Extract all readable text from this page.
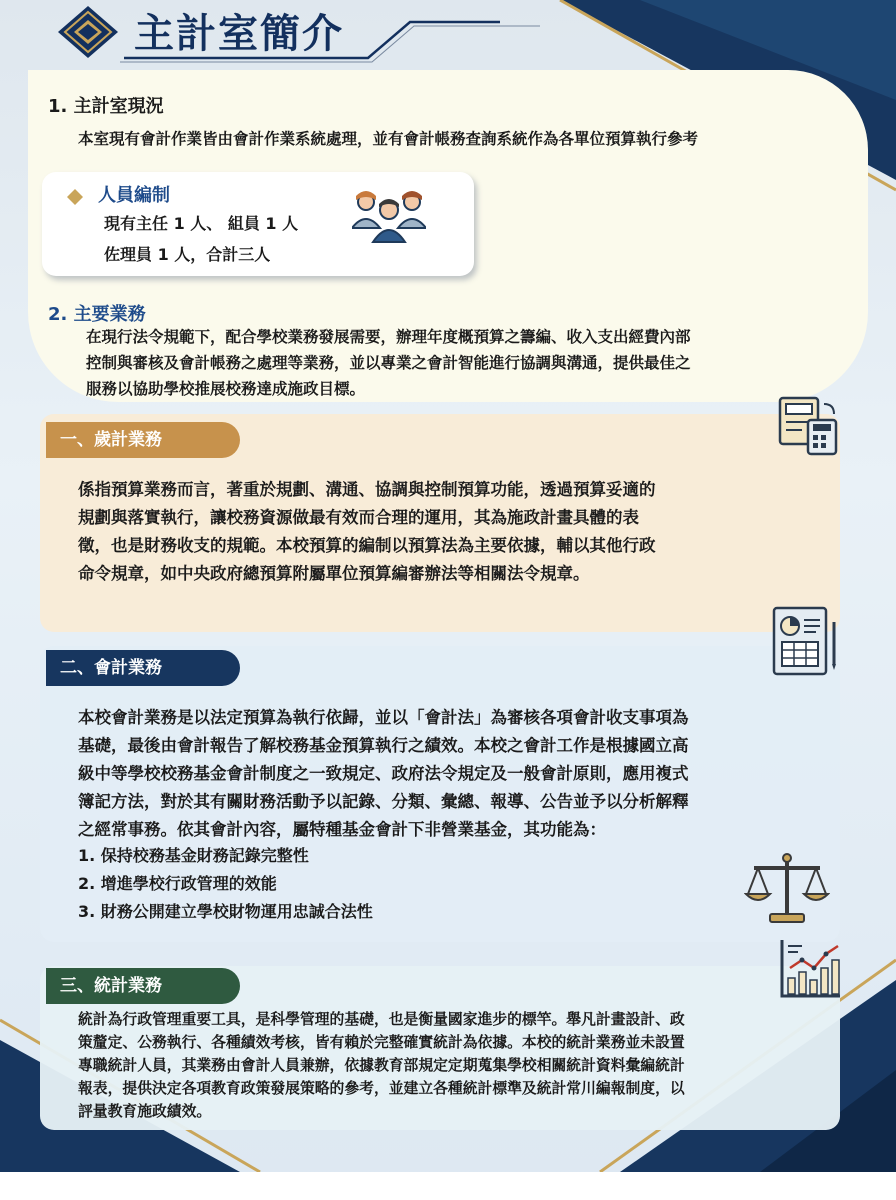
主計室簡介
1. 主計室現況
本室現有會計作業皆由會計作業系統處理，並有會計帳務查詢系統作為各單位預算執行參考
人員編制
現有主任 1 人、 組員 1 人
佐理員 1 人，合計三人
2. 主要業務
在現行法令規範下，配合學校業務發展需要，辦理年度概預算之籌編、收入支出經費內部
控制與審核及會計帳務之處理等業務，並以專業之會計智能進行協調與溝通，提供最佳之
服務以協助學校推展校務達成施政目標。
一、歲計業務
係指預算業務而言，著重於規劃、溝通、協調與控制預算功能，透過預算妥適的
規劃與落實執行，讓校務資源做最有效而合理的運用，其為施政計畫具體的表
徵，也是財務收支的規範。本校預算的編制以預算法為主要依據，輔以其他行政
命令規章，如中央政府總預算附屬單位預算編審辦法等相關法令規章。
二、會計業務
本校會計業務是以法定預算為執行依歸，並以「會計法」為審核各項會計收支事項為
基礎，最後由會計報告了解校務基金預算執行之績效。本校之會計工作是根據國立高
級中等學校校務基金會計制度之一致規定、政府法令規定及一般會計原則，應用複式
簿記方法，對於其有關財務活動予以記錄、分類、彙總、報導、公告並予以分析解釋
之經常事務。依其會計內容，屬特種基金會計下非營業基金，其功能為：
1. 保持校務基金財務記錄完整性
2. 增進學校行政管理的效能
3. 財務公開建立學校財物運用忠誠合法性
三、統計業務
統計為行政管理重要工具，是科學管理的基礎，也是衡量國家進步的標竿。舉凡計畫設計、政
策釐定、公務執行、各種績效考核，皆有賴於完整確實統計為依據。本校的統計業務並未設置
專職統計人員，其業務由會計人員兼辦，依據教育部規定定期蒐集學校相關統計資料彙編統計
報表，提供決定各項教育政策發展策略的參考，並建立各種統計標準及統計常川編報制度，以
評量教育施政績效。
